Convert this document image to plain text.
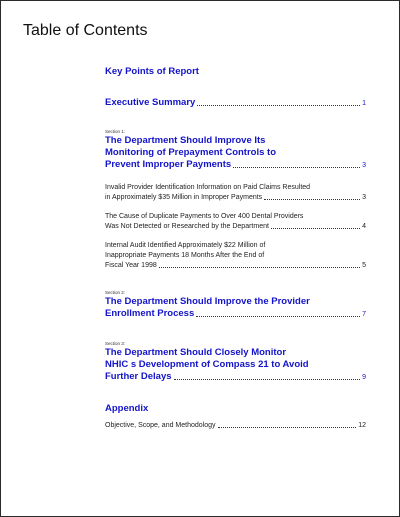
Table of Contents
Key Points of Report
Executive Summary	1
Section 1:
The Department Should Improve Its
Monitoring of Prepayment Controls to
Prevent Improper Payments	3
Invalid Provider Identification Information on Paid Claims Resulted
in Approximately $35 Million in Improper Payments	3
The Cause of Duplicate Payments to Over 400 Dental Providers
Was Not Detected or Researched by the Department	4
Internal Audit Identified Approximately $22 Million of
Inappropriate Payments 18 Months After the End of
Fiscal Year 1998	5
Section 2:
The Department Should Improve the Provider
Enrollment Process	7
Section 3:
The Department Should Closely Monitor
NHIC s Development of Compass 21 to Avoid
Further Delays	9
Appendix
Objective, Scope, and Methodology	12
